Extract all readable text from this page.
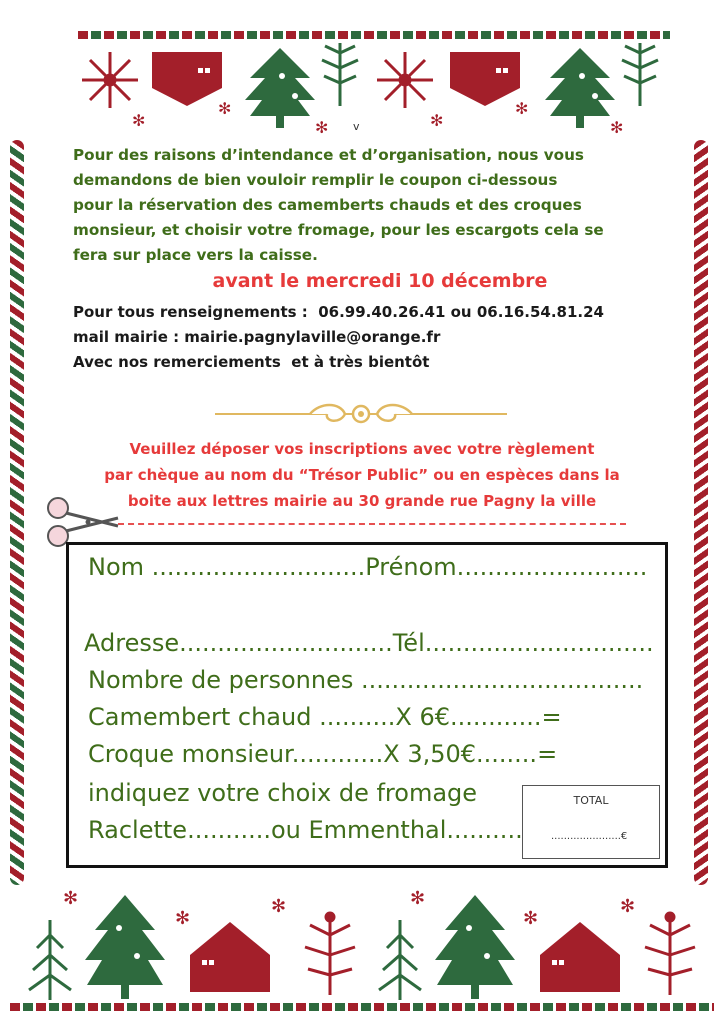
✻
✻
✻	✻
✻
✻
v
Pour des raisons d’intendance et d’organisation, nous vous
demandons de bien vouloir remplir le coupon ci-dessous
pour la réservation des camemberts chauds et des croques
monsieur, et choisir votre fromage, pour les escargots cela se
fera sur place vers la caisse.
avant le mercredi 10 décembre
Pour tous renseignements :  06.99.40.26.41 ou 06.16.54.81.24
mail mairie : mairie.pagnylaville@orange.fr
Avec nos remerciements  et à très bientôt
Veuillez déposer vos inscriptions avec votre règlement
par chèque au nom du “Trésor Public” ou en espèces dans la
boite aux lettres mairie au 30 grande rue Pagny la ville
Nom ............................Prénom.........................
Adresse............................Tél..............................
Nombre de personnes .....................................
Camembert chaud ..........X 6€............=
Croque monsieur............X 3,50€........=
indiquez votre choix de fromage
Raclette...........ou Emmenthal..........
TOTAL
......................€
✻
✻
✻	✻
✻
✻
